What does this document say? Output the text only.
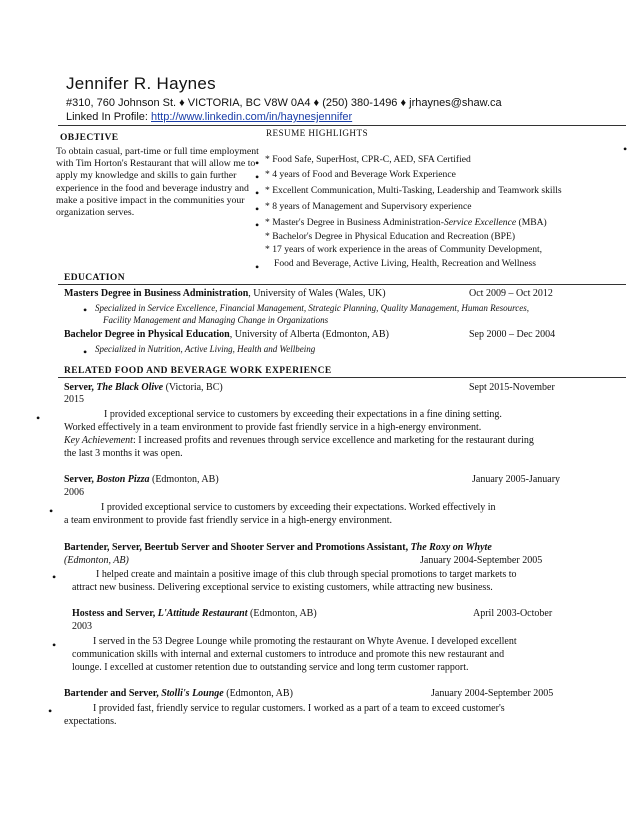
Jennifer R. Haynes
#310, 760 Johnson St. ♦ VICTORIA, BC V8W 0A4 ♦ (250) 380-1496 ♦ jrhaynes@shaw.ca
Linked In Profile: http://www.linkedin.com/in/haynesjennifer
OBJECTIVE
To obtain casual, part-time or full time employment with Tim Horton's Restaurant that will allow me to apply my knowledge and skills to gain further experience in the food and beverage industry and make a positive impact in the communities your organization serves.
RESUME HIGHLIGHTS
•
• * Food Safe, SuperHost, CPR-C, AED, SFA Certified
• * 4 years of Food and Beverage Work Experience
• * Excellent Communication, Multi-Tasking, Leadership and Teamwork skills
• * 8 years of Management and Supervisory experience
• * Master's Degree in Business Administration-Service Excellence (MBA)
* Bachelor's Degree in Physical Education and Recreation (BPE)
* 17 years of work experience in the areas of Community Development,
• Food and Beverage, Active Living, Health, Recreation and Wellness
EDUCATION
Masters Degree in Business Administration, University of Wales (Wales, UK)	Oct 2009 – Oct 2012
• Specialized in Service Excellence, Financial Management, Strategic Planning, Quality Management, Human Resources,
Facility Management and Managing Change in Organizations
Bachelor Degree in Physical Education, University of Alberta (Edmonton, AB)	Sep 2000 – Dec 2004
• Specialized in Nutrition, Active Living, Health and Wellbeing
RELATED FOOD AND BEVERAGE WORK EXPERIENCE
Server, The Black Olive (Victoria, BC)	Sept 2015-November
2015
•	I provided exceptional service to customers by exceeding their expectations in a fine dining setting.
Worked effectively in a team environment to provide fast friendly service in a high-energy environment.
Key Achievement: I increased profits and revenues through service excellence and marketing for the restaurant during
the last 3 months it was open.
Server, Boston Pizza (Edmonton, AB)	January 2005-January
2006
•	I provided exceptional service to customers by exceeding their expectations. Worked effectively in
a team environment to provide fast friendly service in a high-energy environment.
Bartender, Server, Beertub Server and Shooter Server and Promotions Assistant, The Roxy on Whyte
(Edmonton, AB)	January 2004-September 2005
•	I helped create and maintain a positive image of this club through special promotions to target markets to
attract new business. Delivering exceptional service to existing customers, while attracting new business.
Hostess and Server, L'Attitude Restaurant (Edmonton, AB)	April 2003-October
2003
•	I served in the 53 Degree Lounge while promoting the restaurant on Whyte Avenue. I developed excellent
communication skills with internal and external customers to introduce and promote this new restaurant and
lounge. I excelled at customer retention due to outstanding service and long term customer rapport.
Bartender and Server, Stolli's Lounge (Edmonton, AB)	January 2004-September 2005
•	I provided fast, friendly service to regular customers. I worked as a part of a team to exceed customer's
expectations.
